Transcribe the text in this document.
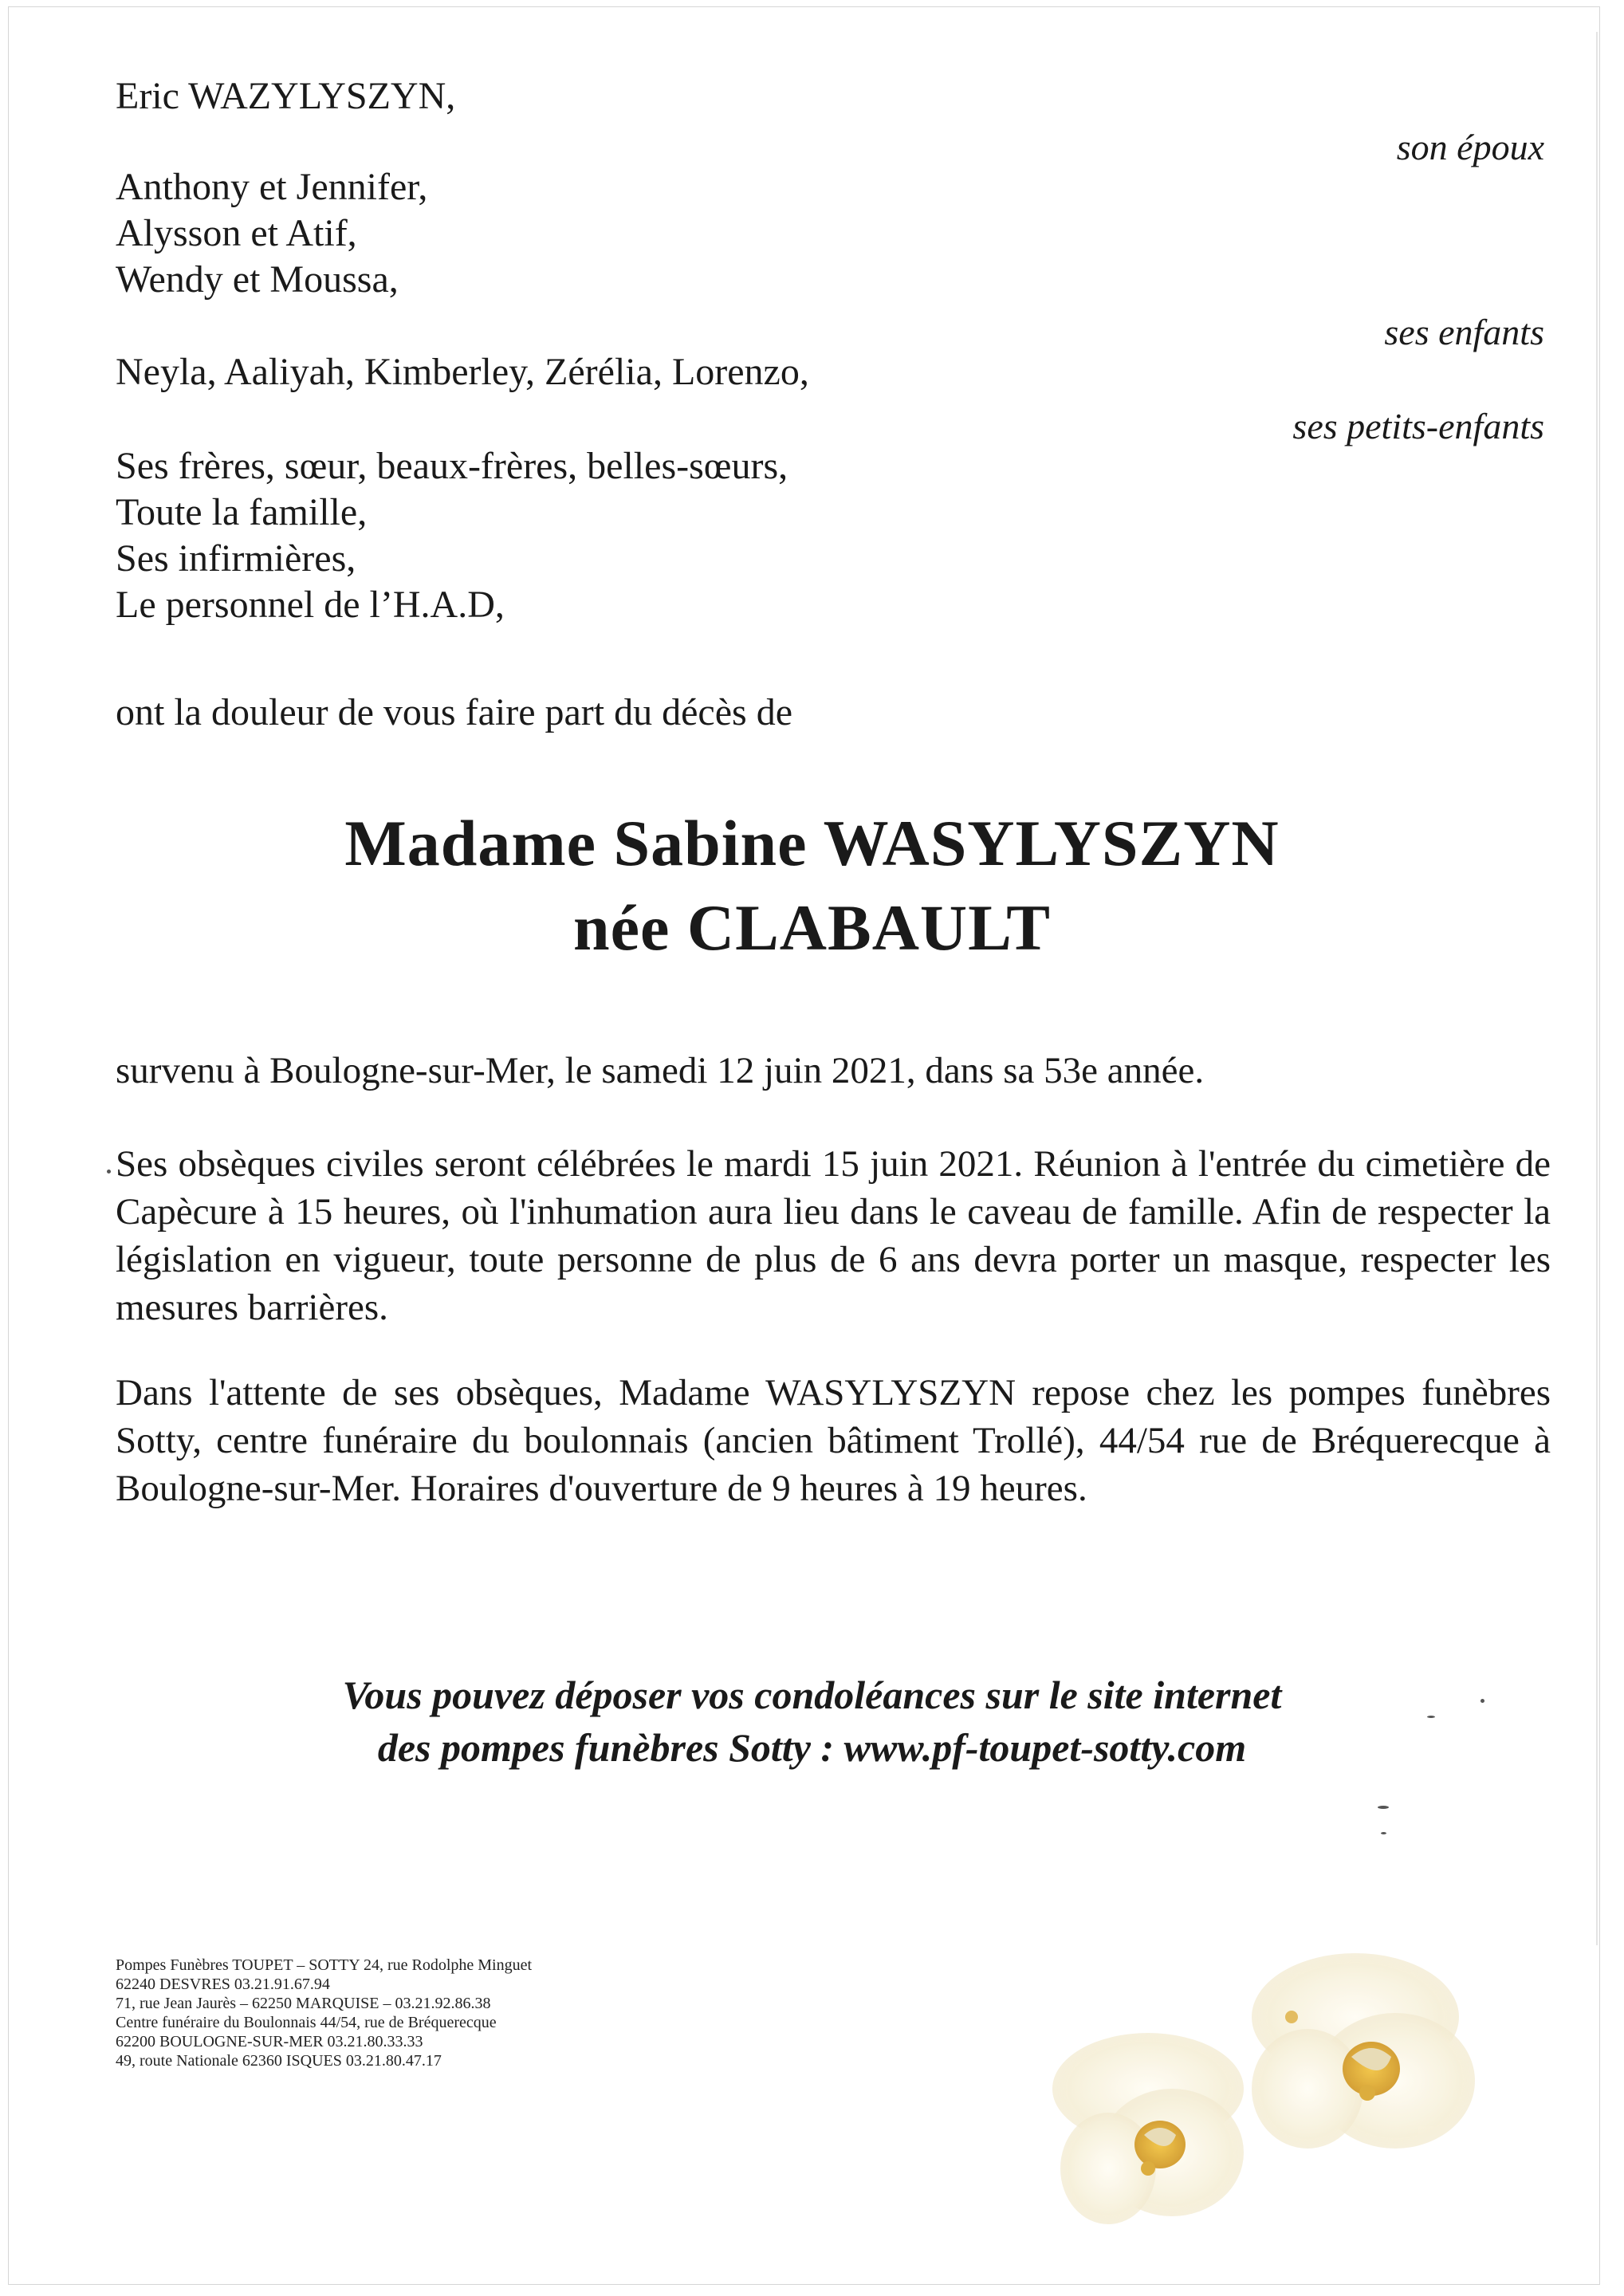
Eric WAZYLYSZYN,
Anthony et Jennifer,
Alysson et Atif,
Wendy et Moussa,
Neyla, Aaliyah, Kimberley, Zérélia, Lorenzo,
Ses frères, sœur, beaux-frères, belles-sœurs,
Toute la famille,
Ses infirmières,
Le personnel de l’H.A.D,
son époux
ses enfants
ses petits-enfants
ont la douleur de vous faire part du décès de
Madame Sabine WASYLYSZYN
née CLABAULT
survenu à Boulogne-sur-Mer, le samedi 12 juin 2021, dans sa 53e année.
Ses obsèques civiles seront célébrées le mardi 15 juin 2021. Réunion à l'entrée du cimetière de Capècure à 15 heures, où l'inhumation aura lieu dans le caveau de famille. Afin de respecter la législation en vigueur, toute personne de plus de 6 ans devra porter un masque, respecter les mesures barrières.
Dans l'attente de ses obsèques, Madame WASYLYSZYN repose chez les pompes funèbres Sotty, centre funéraire du boulonnais (ancien bâtiment Trollé), 44/54 rue de Bréquerecque à Boulogne-sur-Mer. Horaires d'ouverture de 9 heures à 19 heures.
Vous pouvez déposer vos condoléances sur le site internet
des pompes funèbres Sotty : www.pf-toupet-sotty.com
Pompes Funèbres TOUPET – SOTTY 24, rue Rodolphe Minguet
62240 DESVRES 03.21.91.67.94
71, rue Jean Jaurès – 62250 MARQUISE – 03.21.92.86.38
Centre funéraire du Boulonnais 44/54, rue de Bréquerecque
62200 BOULOGNE-SUR-MER 03.21.80.33.33
49, route Nationale 62360 ISQUES 03.21.80.47.17
